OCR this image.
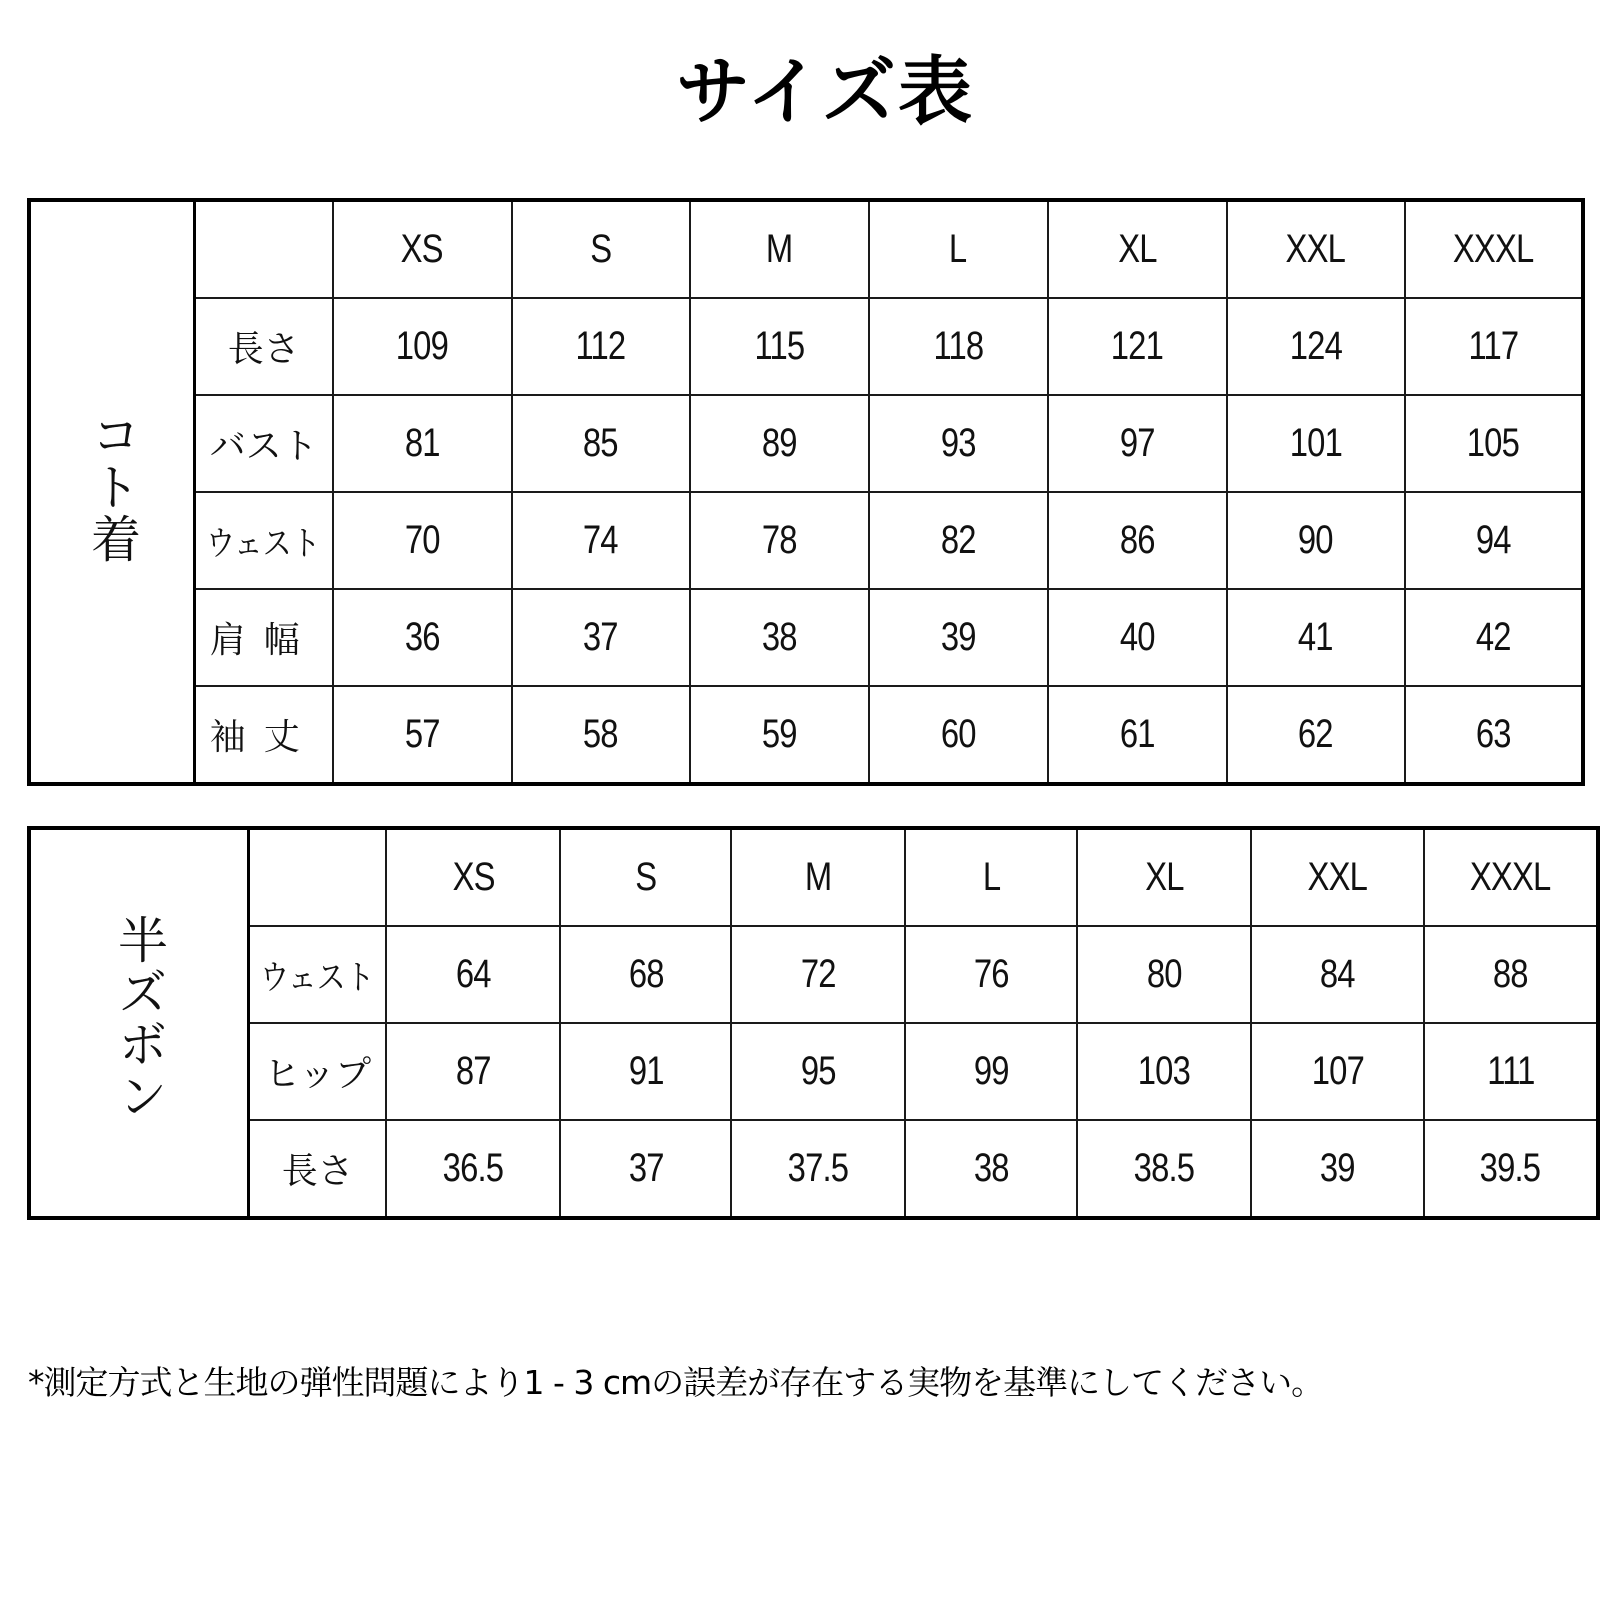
サイズ表
コト着		XS	S	M	L	XL	XXL	XXXL
	長さ	109	112	115	118	121	124	117
	バスト	81	85	89	93	97	101	105
	ウェスト	70	74	78	82	86	90	94
	肩幅	36	37	38	39	40	41	42
	袖丈	57	58	59	60	61	62	63
半ズボン		XS	S	M	L	XL	XXL	XXXL
	ウェスト	64	68	72	76	80	84	88
	ヒップ	87	91	95	99	103	107	111
	長さ	36.5	37	37.5	38	38.5	39	39.5
*測定方式と生地の弾性問題により1 - 3 cmの誤差が存在する実物を基準にしてください。
